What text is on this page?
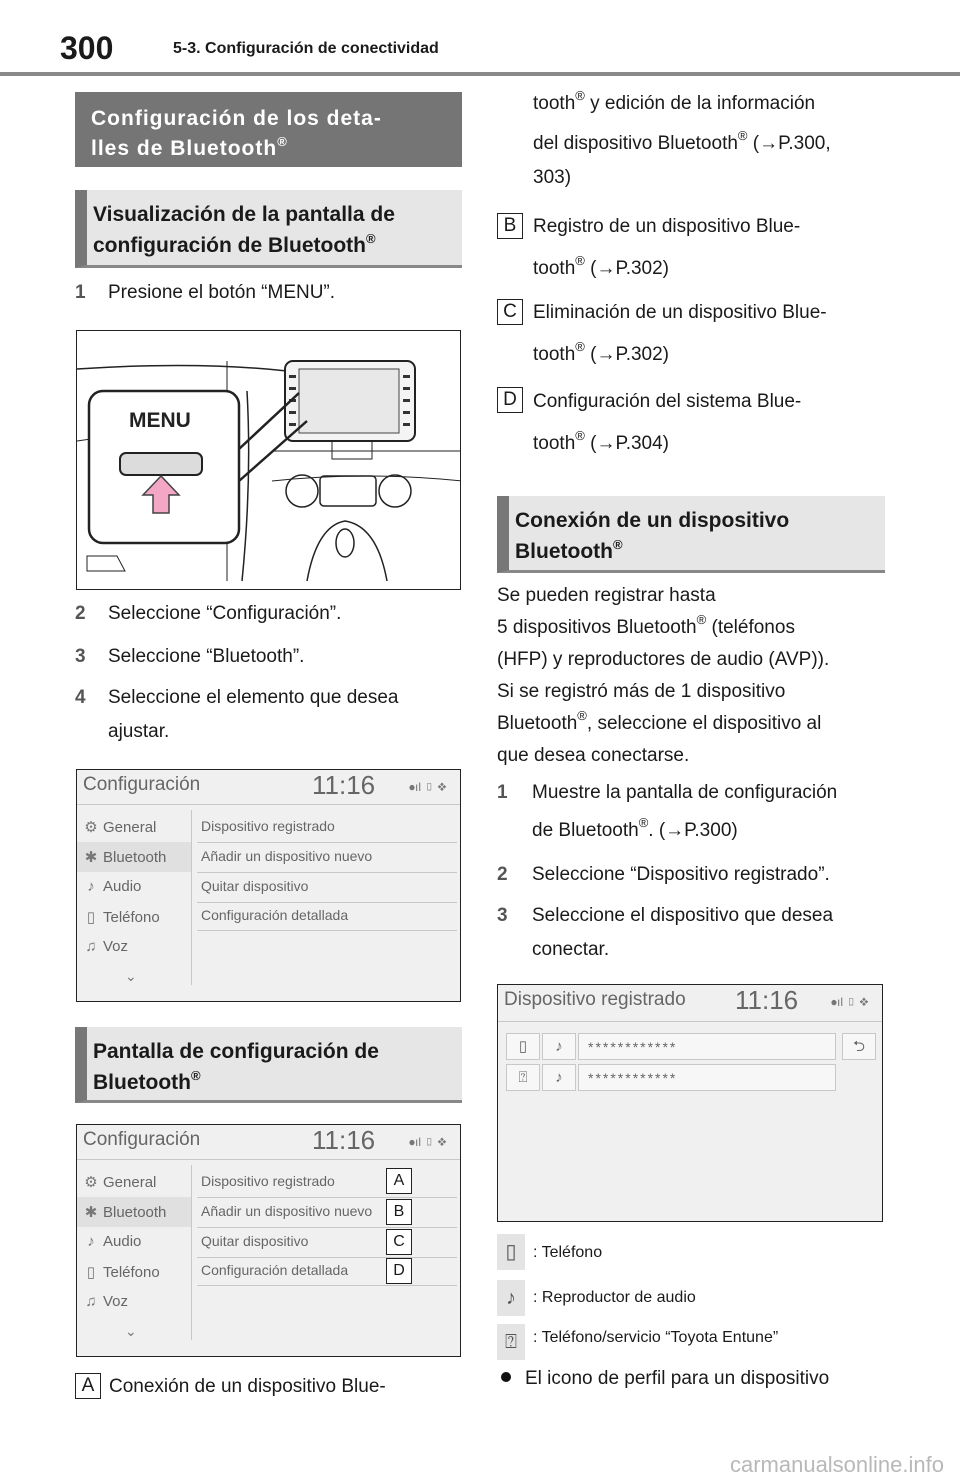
300	5-3. Configuración de conectividad
Configuración de los deta-
lles de Bluetooth®
Visualización de la pantalla de
configuración de Bluetooth®
1 Presione el botón “MENU”.
MENU
2 Seleccione “Configuración”.
3 Seleccione “Bluetooth”.
4 Seleccione el elemento que desea
ajustar.
Configuración	11:16	⦁ıl ▯ ❖
⚙ General
✱ Bluetooth
♪ Audio
▯ Teléfono
♫ Voz
⌄
Dispositivo registrado
Añadir un dispositivo nuevo
Quitar dispositivo
Configuración detallada
Pantalla de configuración de
Bluetooth®
Configuración	11:16	⦁ıl ▯ ❖
⚙ General
✱ Bluetooth
♪ Audio
▯ Teléfono
♫ Voz
⌄
Dispositivo registrado
Añadir un dispositivo nuevo
Quitar dispositivo
Configuración detallada
A
B
C
D
A Conexión de un dispositivo Blue-
tooth® y edición de la información
del dispositivo Bluetooth® (→P.300,
303)
B Registro de un dispositivo Blue-
tooth® (→P.302)
C Eliminación de un dispositivo Blue-
tooth® (→P.302)
D Configuración del sistema Blue-
tooth® (→P.304)
Conexión de un dispositivo
Bluetooth®
Se pueden registrar hasta
5 dispositivos Bluetooth® (teléfonos
(HFP) y reproductores de audio (AVP)).
Si se registró más de 1 dispositivo
Bluetooth®, seleccione el dispositivo al
que desea conectarse.
1 Muestre la pantalla de configuración
de Bluetooth®. (→P.300)
2 Seleccione “Dispositivo registrado”.
3 Seleccione el dispositivo que desea
conectar.
Dispositivo registrado 11:16	⦁ıl ▯ ❖
▯	♪	************	⮌
⍰	♪	************
▯	: Teléfono
♪	: Reproductor de audio
⍰	: Teléfono/servicio “Toyota Entune”
El icono de perfil para un dispositivo
carmanualsonline.info
